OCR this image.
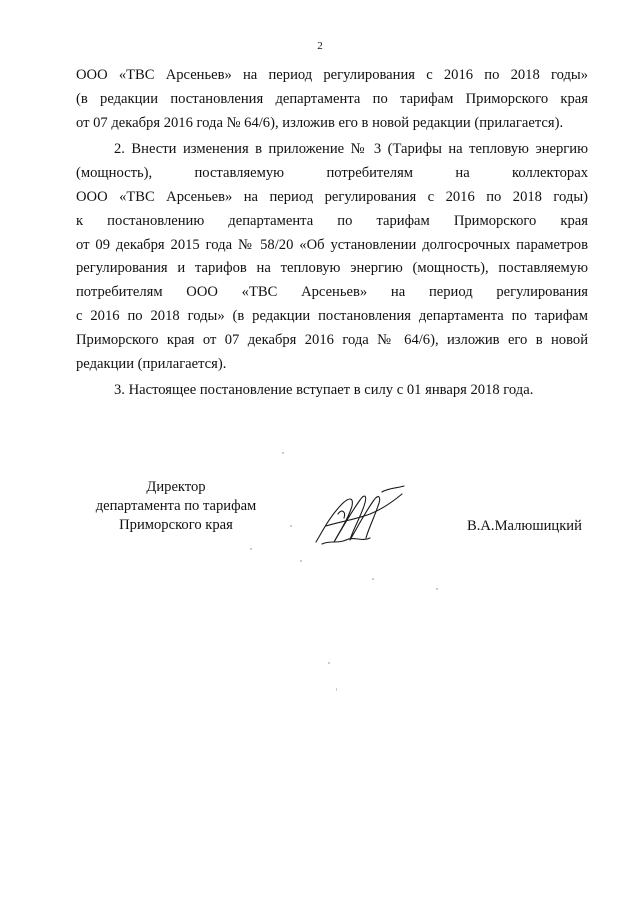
2
ООО «ТВС Арсеньев» на период регулирования с 2016 по 2018 годы»
(в редакции постановления департамента по тарифам Приморского края
от 07 декабря 2016 года № 64/6), изложив его в новой редакции (прилагается).
2. Внести изменения в приложение № 3 (Тарифы на тепловую энергию
(мощность), поставляемую потребителям на коллекторах
ООО «ТВС Арсеньев» на период регулирования с 2016 по 2018 годы)
к постановлению департамента по тарифам Приморского края
от 09 декабря 2015 года № 58/20 «Об установлении долгосрочных параметров
регулирования и тарифов на тепловую энергию (мощность), поставляемую
потребителям ООО «ТВС Арсеньев» на период регулирования
с 2016 по 2018 годы» (в редакции постановления департамента по тарифам
Приморского края от 07 декабря 2016 года № 64/6), изложив его в новой
редакции (прилагается).
3. Настоящее постановление вступает в силу с 01 января 2018 года.
Директор
департамента по тарифам
Приморского края	В.А.Малюшицкий
